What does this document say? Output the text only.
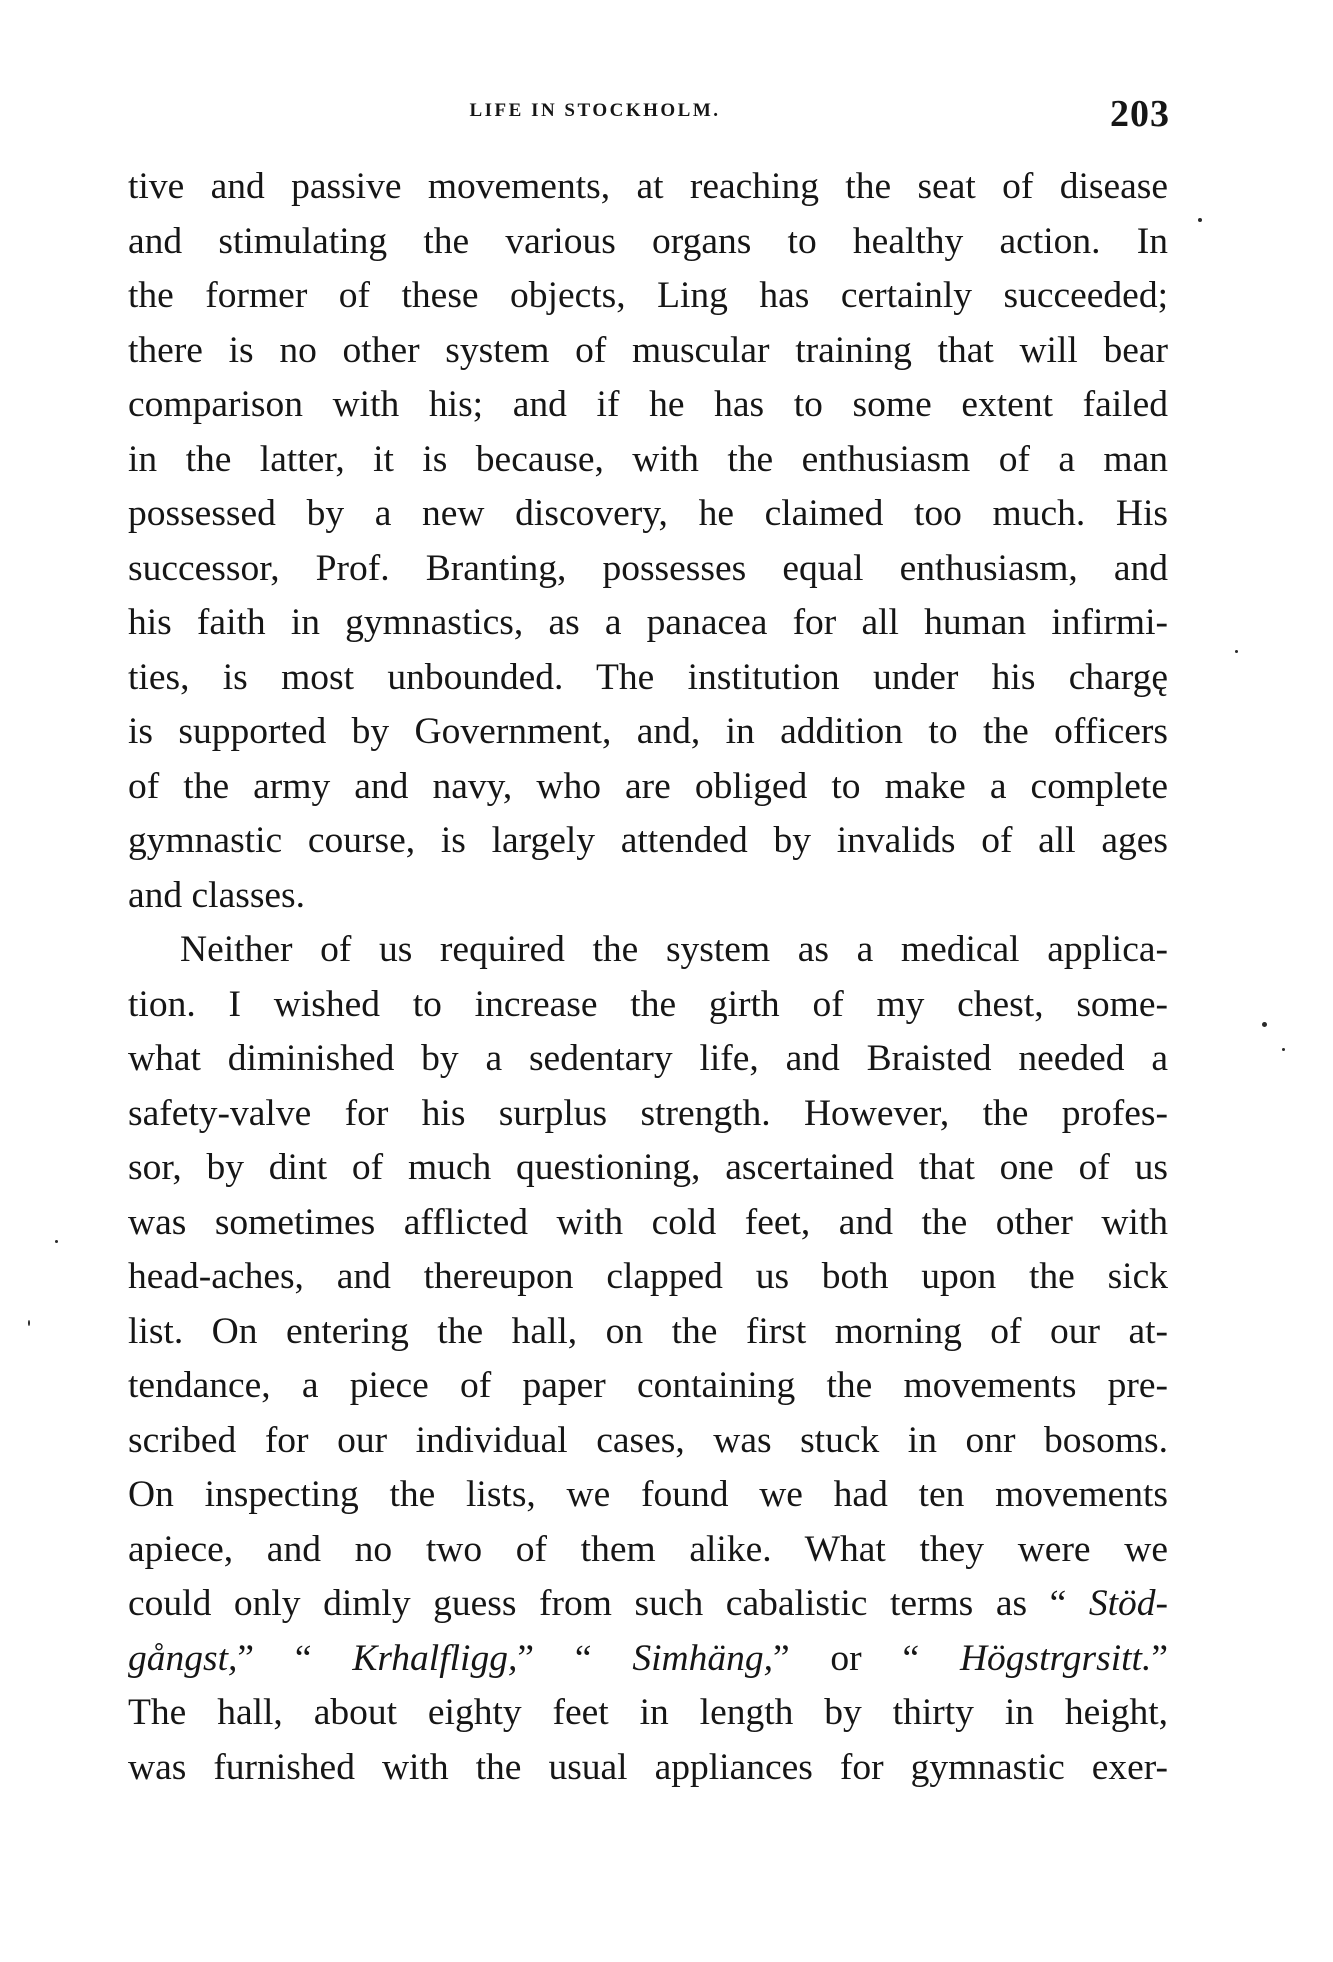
LIFE IN STOCKHOLM.	203
tive and passive movements, at reaching the seat of disease
and stimulating the various organs to healthy action. In
the former of these objects, Ling has certainly succeeded;
there is no other system of muscular training that will bear
comparison with his; and if he has to some extent failed
in the latter, it is because, with the enthusiasm of a man
possessed by a new discovery, he claimed too much. His
successor, Prof. Branting, possesses equal enthusiasm, and
his faith in gymnastics, as a panacea for all human infirmi-
ties, is most unbounded. The institution under his chargę
is supported by Government, and, in addition to the officers
of the army and navy, who are obliged to make a complete
gymnastic course, is largely attended by invalids of all ages
and classes.
Neither of us required the system as a medical applica-
tion. I wished to increase the girth of my chest, some-
what diminished by a sedentary life, and Braisted needed a
safety-valve for his surplus strength. However, the profes-
sor, by dint of much questioning, ascertained that one of us
was sometimes afflicted with cold feet, and the other with
head-aches, and thereupon clapped us both upon the sick
list. On entering the hall, on the first morning of our at-
tendance, a piece of paper containing the movements pre-
scribed for our individual cases, was stuck in onr bosoms.
On inspecting the lists, we found we had ten movements
apiece, and no two of them alike. What they were we
could only dimly guess from such cabalistic terms as “ Stöd-
gångst,” “ Krhalfligg,” “ Simhäng,” or “ Högstrgrsitt.”
The hall, about eighty feet in length by thirty in height,
was furnished with the usual appliances for gymnastic exer-
